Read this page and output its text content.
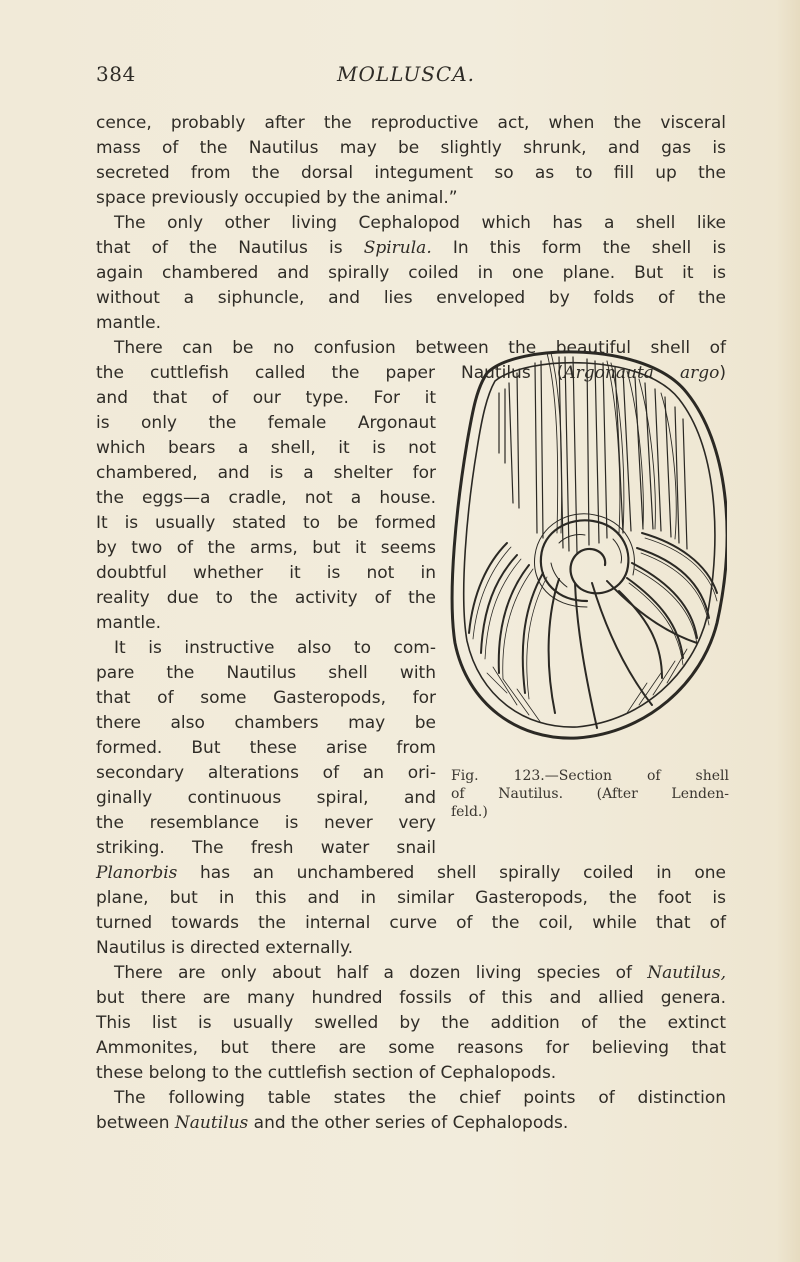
384	MOLLUSCA.
cence, probably after the reproductive act, when the visceral
mass of the Nautilus may be slightly shrunk, and gas is
secreted from the dorsal integument so as to fill up the
space previously occupied by the animal.”
The only other living Cephalopod which has a shell like
that of the Nautilus is Spirula. In this form the shell is
again chambered and spirally coiled in one plane. But it is
without a siphuncle, and lies enveloped by folds of the
mantle.
There can be no confusion between the beautiful shell of
the cuttlefish called the paper Nautilus (Argonauta argo)
and that of our type. For it
is only the female Argonaut
which bears a shell, it is not
chambered, and is a shelter for
the eggs—a cradle, not a house.
It is usually stated to be formed
by two of the arms, but it seems
doubtful whether it is not in
reality due to the activity of the
mantle.
It is instructive also to com-
pare the Nautilus shell with
that of some Gasteropods, for
there also chambers may be
formed. But these arise from
secondary alterations of an ori-
ginally continuous spiral, and
the resemblance is never very
striking. The fresh water snail
Planorbis has an unchambered shell spirally coiled in one
plane, but in this and in similar Gasteropods, the foot is
turned towards the internal curve of the coil, while that of
Nautilus is directed externally.
There are only about half a dozen living species of Nautilus,
but there are many hundred fossils of this and allied genera.
This list is usually swelled by the addition of the extinct
Ammonites, but there are some reasons for believing that
these belong to the cuttlefish section of Cephalopods.
The following table states the chief points of distinction
between Nautilus and the other series of Cephalopods.
Fig. 123.—Section of shell
of Nautilus. (After Lenden-
feld.)
